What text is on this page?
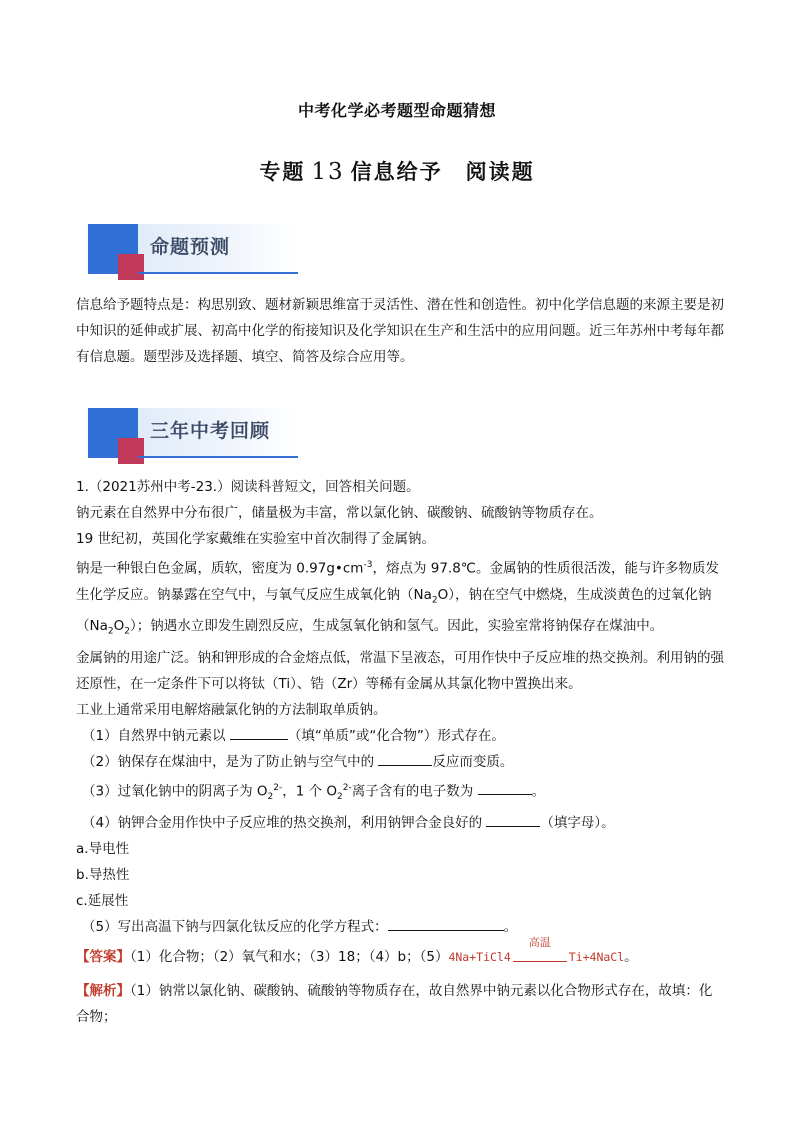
中考化学必考题型命题猜想
专题 13 信息给予　阅读题
命题预测

信息给予题特点是：构思别致、题材新颖思维富于灵活性、潜在性和创造性。初中化学信息题的来源主要是初中知识的延伸或扩展、初高中化学的衔接知识及化学知识在生产和生活中的应用问题。近三年苏州中考每年都有信息题。题型涉及选择题、填空、简答及综合应用等。

三年中考回顾

1.（2021苏州中考-23.）阅读科普短文，回答相关问题。

钠元素在自然界中分布很广，储量极为丰富，常以氯化钠、碳酸钠、硫酸钠等物质存在。

19 世纪初，英国化学家戴维在实验室中首次制得了金属钠。

钠是一种银白色金属，质软，密度为 $0.97g•cm^{-3}$，熔点为 97.8℃。金属钠的性质很活泼，能与许多物质发生化学反应。钠暴露在空气中，与氧气反应生成氧化钠$(Na_2O)$，钠在空气中燃烧，生成淡黄色的过氧化钠$(Na_2O_2)$；钠遇水立即发生剧烈反应，生成氢氧化钠和氢气。因此，实验室常将钠保存在煤油中。

金属钠的用途广泛。钠和钾形成的合金熔点低，常温下呈液态，可用作快中子反应堆的热交换剂。利用钠的强还原性，在一定条件下可以将钛（Ti）、锆（Zr）等稀有金属从其氯化物中置换出来。

工业上通常采用电解熔融氯化钠的方法制取单质钠。

（1）自然界中钠元素以	（填“单质”或“化合物”）形式存在。

（2）钠保存在煤油中，是为了防止钠与空气中的	反应而变质。

（3）过氧化钠中的阴离子为 $O_2^{2-}$，1 个 $O_2^{2-}$离子含有的电子数为	。

（4）钠钾合金用作快中子反应堆的热交换剂，利用钠钾合金良好的	（填字母）。

a.导电性

b.导热性

c.延展性

（5）写出高温下钠与四氯化钛反应的化学方程式：	。

【答案】（1）化合物；（2）氧气和水；（3）18；（4）b；（5）4Na+TiCl4
高温
Ti+4NaCl。

【解析】（1）钠常以氯化钠、碳酸钠、硫酸钠等物质存在，故自然界中钠元素以化合物形式存在，故填：化合物；
